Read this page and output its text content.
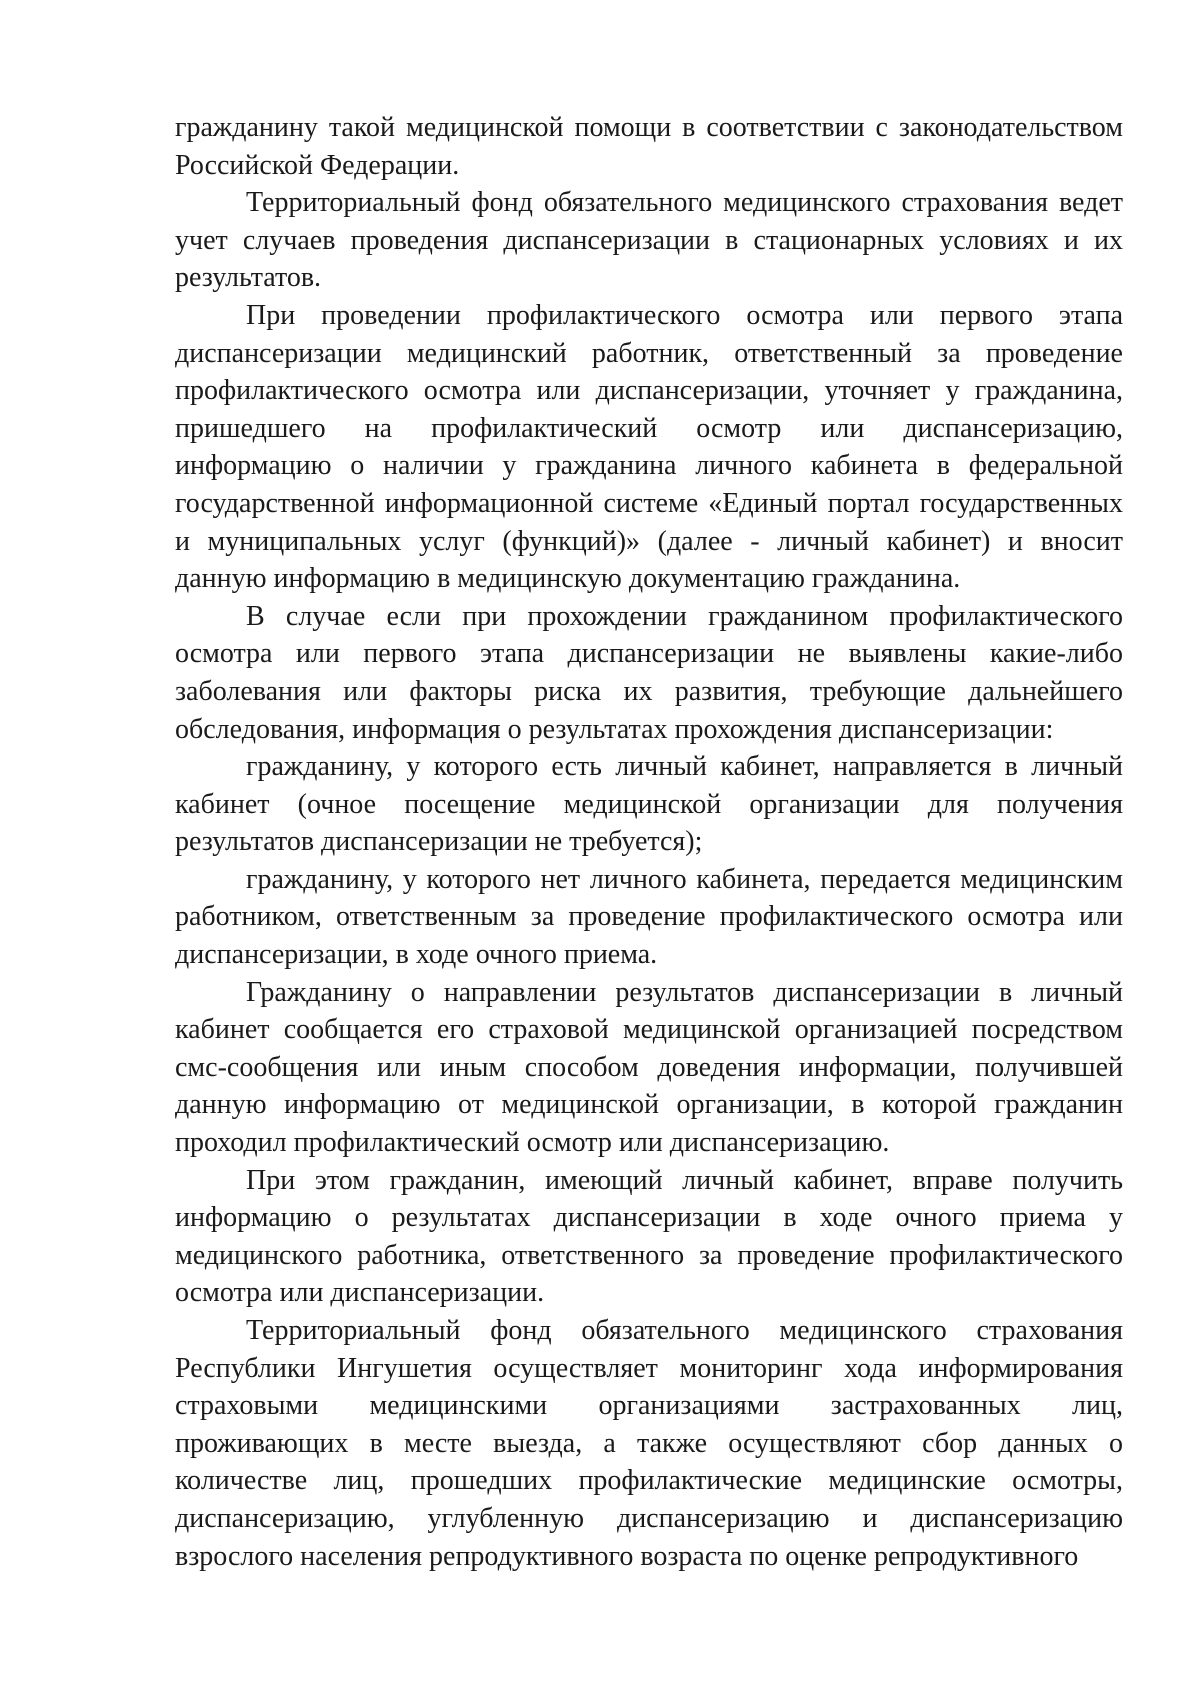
гражданину такой медицинской помощи в соответствии с законодательством Российской Федерации.

Территориальный фонд обязательного медицинского страхования ведет учет случаев проведения диспансеризации в стационарных условиях и их результатов.

При проведении профилактического осмотра или первого этапа диспансеризации медицинский работник, ответственный за проведение профилактического осмотра или диспансеризации, уточняет у гражданина, пришедшего на профилактический осмотр или диспансеризацию, информацию о наличии у гражданина личного кабинета в федеральной государственной информационной системе «Единый портал государственных и муниципальных услуг (функций)» (далее - личный кабинет) и вносит данную информацию в медицинскую документацию гражданина.

В случае если при прохождении гражданином профилактического осмотра или первого этапа диспансеризации не выявлены какие-либо заболевания или факторы риска их развития, требующие дальнейшего обследования, информация о результатах прохождения диспансеризации:

гражданину, у которого есть личный кабинет, направляется в личный кабинет (очное посещение медицинской организации для получения результатов диспансеризации не требуется);

гражданину, у которого нет личного кабинета, передается медицинским работником, ответственным за проведение профилактического осмотра или диспансеризации, в ходе очного приема.

Гражданину о направлении результатов диспансеризации в личный кабинет сообщается его страховой медицинской организацией посредством смс-сообщения или иным способом доведения информации, получившей данную информацию от медицинской организации, в которой гражданин проходил профилактический осмотр или диспансеризацию.

При этом гражданин, имеющий личный кабинет, вправе получить информацию о результатах диспансеризации в ходе очного приема у медицинского работника, ответственного за проведение профилактического осмотра или диспансеризации.

Территориальный фонд обязательного медицинского страхования Республики Ингушетия осуществляет мониторинг хода информирования страховыми медицинскими организациями застрахованных лиц, проживающих в месте выезда, а также осуществляют сбор данных о количестве лиц, прошедших профилактические медицинские осмотры, диспансеризацию, углубленную диспансеризацию и диспансеризацию взрослого населения репродуктивного возраста по оценке репродуктивного
